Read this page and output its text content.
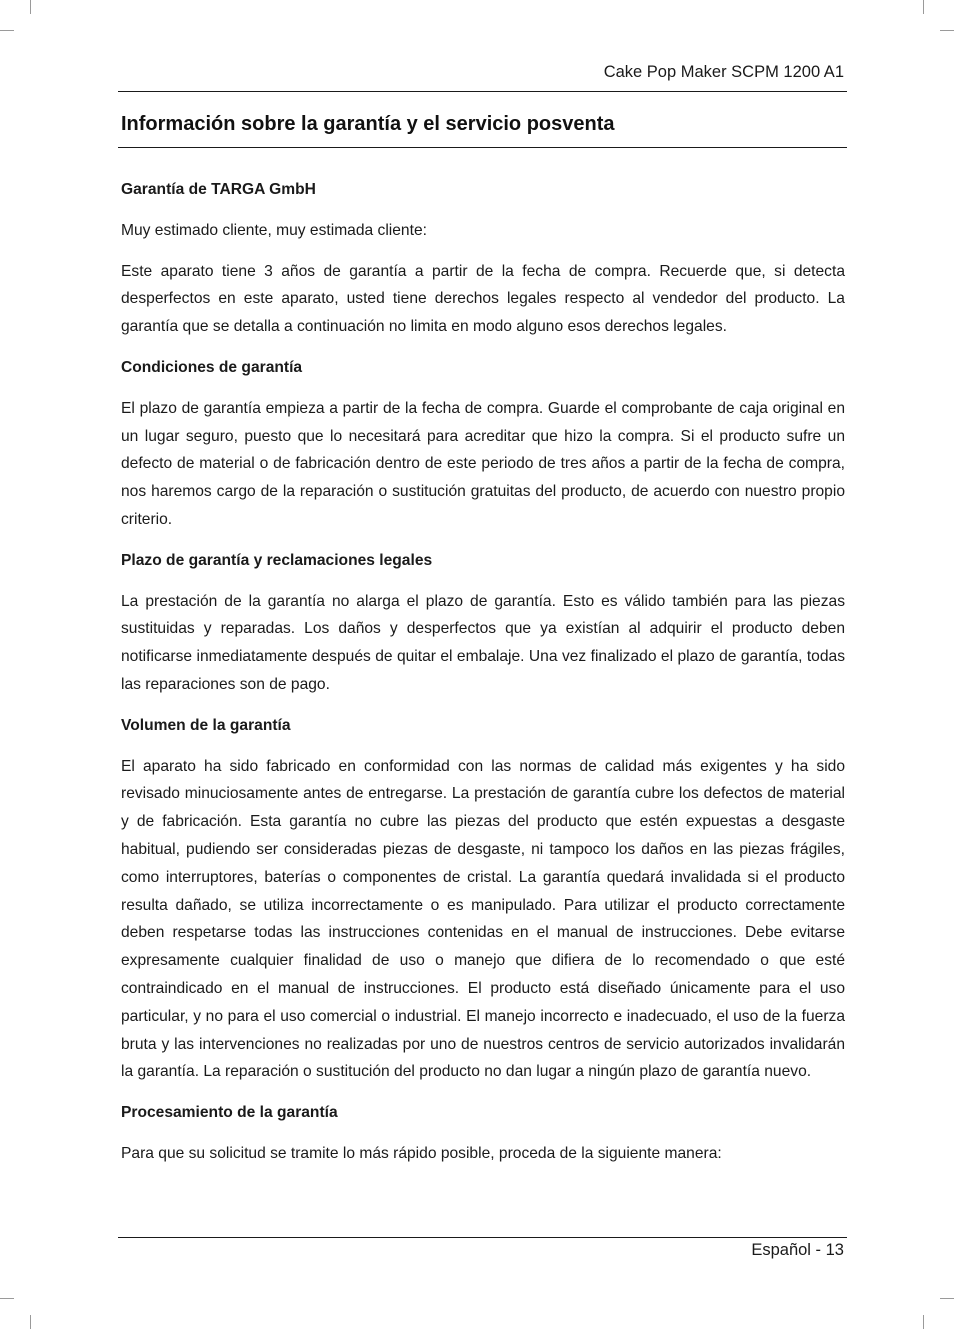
Cake Pop Maker SCPM 1200 A1
Información sobre la garantía y el servicio posventa
Garantía de TARGA GmbH

Muy estimado cliente, muy estimada cliente:

Este aparato tiene 3 años de garantía a partir de la fecha de compra. Recuerde que, si detecta desperfectos en este aparato, usted tiene derechos legales respecto al vendedor del producto. La garantía que se detalla a continuación no limita en modo alguno esos derechos legales.

Condiciones de garantía

El plazo de garantía empieza a partir de la fecha de compra. Guarde el comprobante de caja original en un lugar seguro, puesto que lo necesitará para acreditar que hizo la compra. Si el producto sufre un defecto de material o de fabricación dentro de este periodo de tres años a partir de la fecha de compra, nos haremos cargo de la reparación o sustitución gratuitas del producto, de acuerdo con nuestro propio criterio.

Plazo de garantía y reclamaciones legales

La prestación de la garantía no alarga el plazo de garantía. Esto es válido también para las piezas sustituidas y reparadas. Los daños y desperfectos que ya existían al adquirir el producto deben notificarse inmediatamente después de quitar el embalaje. Una vez finalizado el plazo de garantía, todas las reparaciones son de pago.

Volumen de la garantía

El aparato ha sido fabricado en conformidad con las normas de calidad más exigentes y ha sido revisado minuciosamente antes de entregarse. La prestación de garantía cubre los defectos de material y de fabricación. Esta garantía no cubre las piezas del producto que estén expuestas a desgaste habitual, pudiendo ser consideradas piezas de desgaste, ni tampoco los daños en las piezas frágiles, como interruptores, baterías o componentes de cristal. La garantía quedará invalidada si el producto resulta dañado, se utiliza incorrectamente o es manipulado. Para utilizar el producto correctamente deben respetarse todas las instrucciones contenidas en el manual de instrucciones. Debe evitarse expresamente cualquier finalidad de uso o manejo que difiera de lo recomendado o que esté contraindicado en el manual de instrucciones. El producto está diseñado únicamente para el uso particular, y no para el uso comercial o industrial. El manejo incorrecto e inadecuado, el uso de la fuerza bruta y las intervenciones no realizadas por uno de nuestros centros de servicio autorizados invalidarán la garantía. La reparación o sustitución del producto no dan lugar a ningún plazo de garantía nuevo.

Procesamiento de la garantía

Para que su solicitud se tramite lo más rápido posible, proceda de la siguiente manera:

Español - 13
